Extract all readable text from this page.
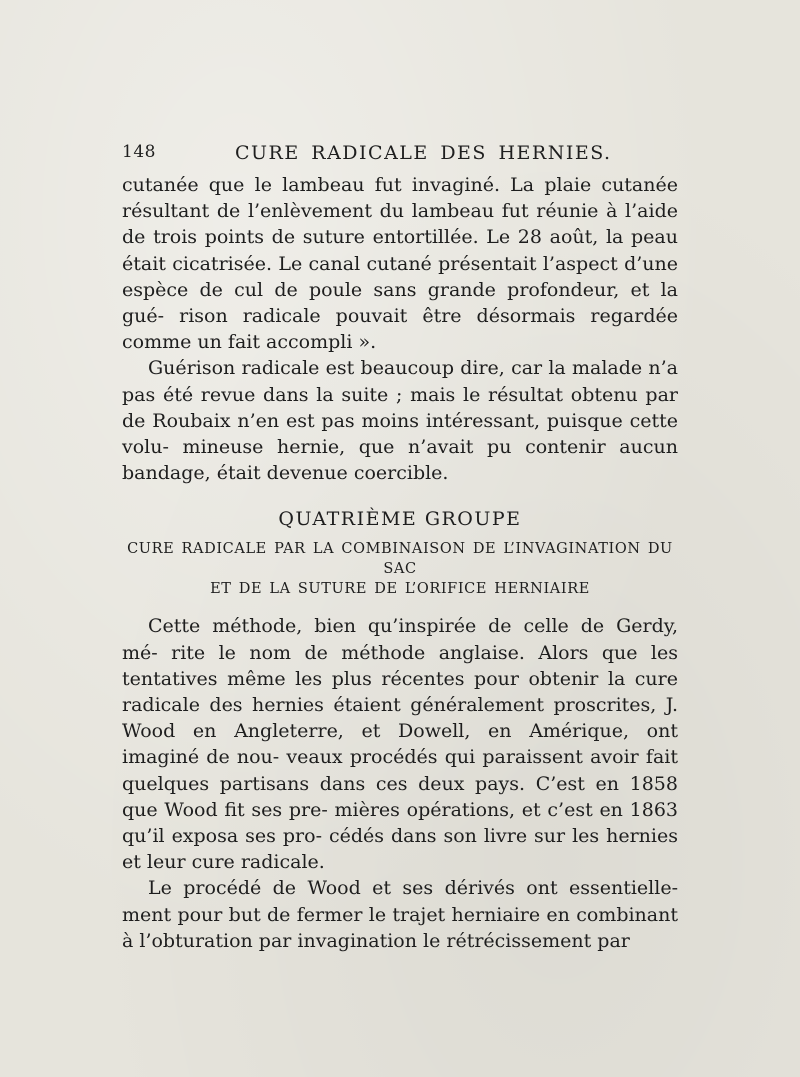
148	CURE RADICALE DES HERNIES.

cutanée que le lambeau fut invaginé. La plaie cutanée résultant de l’enlèvement du lambeau fut réunie à l’aide de trois points de suture entortillée. Le 28 août, la peau était cicatrisée. Le canal cutané présentait l’aspect d’une espèce de cul de poule sans grande profondeur, et la gué- rison radicale pouvait être désormais regardée comme un fait accompli ».

Guérison radicale est beaucoup dire, car la malade n’a pas été revue dans la suite ; mais le résultat obtenu par de Roubaix n’en est pas moins intéressant, puisque cette volu- mineuse hernie, que n’avait pu contenir aucun bandage, était devenue coercible.

QUATRIÈME GROUPE
CURE RADICALE PAR LA COMBINAISON DE L’INVAGINATION DU SAC
ET DE LA SUTURE DE L’ORIFICE HERNIAIRE

Cette méthode, bien qu’inspirée de celle de Gerdy, mé- rite le nom de méthode anglaise. Alors que les tentatives même les plus récentes pour obtenir la cure radicale des hernies étaient généralement proscrites, J. Wood en Angleterre, et Dowell, en Amérique, ont imaginé de nou- veaux procédés qui paraissent avoir fait quelques partisans dans ces deux pays. C’est en 1858 que Wood fit ses pre- mières opérations, et c’est en 1863 qu’il exposa ses pro- cédés dans son livre sur les hernies et leur cure radicale.

Le procédé de Wood et ses dérivés ont essentielle- ment pour but de fermer le trajet herniaire en combinant à l’obturation par invagination le rétrécissement par
